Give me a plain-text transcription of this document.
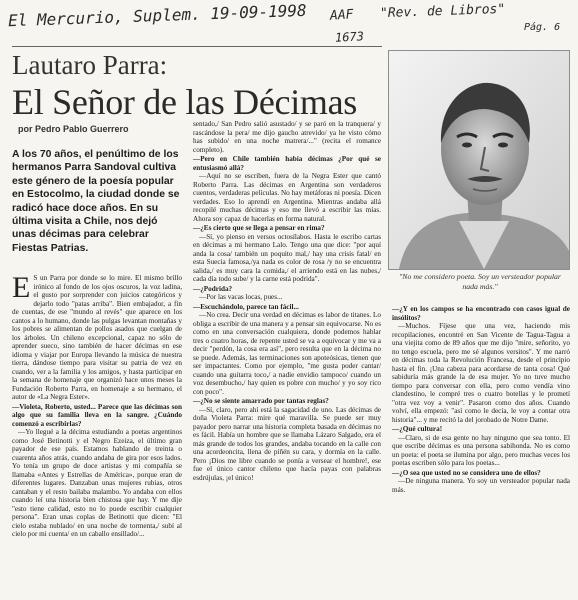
El Mercurio, Suplem. 19-09-1998 AAF
1673
"Rev. de Libros"
Pág. 6
Lautaro Parra:
El Señor de las Décimas
por Pedro Pablo Guerrero
A los 70 años, el penúltimo de los hermanos Parra Sandoval cultiva este género de la poesía popular en Estocolmo, la ciudad donde se radicó hace doce años. En su última visita a Chile, nos dejó unas décimas para celebrar Fiestas Patrias.

E S un Parra por donde se lo mire. El mismo brillo irónico al fondo de los ojos oscuros, la voz ladina, el gusto por sorprender con juicios categóricos y dejarlo todo "patas arriba". Bien embajador, a fin de cuentas, de ese "mundo al revés" que aparece en los cantos a lo humano, donde las pulgas levantan montañas y los pobres se alimentan de pollos asados que cuelgan de los árboles. Un chileno excepcional, capaz no sólo de aprender sueco, sino también de hacer décimas en ese idioma y viajar por Europa llevando la música de nuestra tierra, dándose tiempo para visitar su patria de vez en cuando, ver a la familia y los amigos, y hasta participar en la semana de homenaje que organizó hace unos meses la Fundación Roberto Parra, en homenaje a su hermano, el autor de «La Negra Ester».

—Violeta, Roberto, usted... Parece que las décimas son algo que su familia lleva en la sangre. ¿Cuándo comenzó a escribirlas?

—Yo llegué a la décima estudiando a poetas argentinos como José Betinotti y el Negro Ezeiza, el último gran payador de ese país. Estamos hablando de treinta o cuarenta años atrás, cuando andaba de gira por esos lados. Yo tenía un grupo de doce artistas y mi compañía se llamaba «Antes y Estrellas de América», porque eran de diferentes lugares. Danzaban unas mujeres rubias, otros cantaban y el resto bailaba malambo. Yo andaba con ellos cuando leí una historia bien chistosa que hay. Y me dije "esto tiene calidad, esto no lo puede escribir cualquier persona". Eran unas coplas de Betinotti que dicen: "El cielo estaba nublado/ en una noche de tormenta,/ subí al cielo por mi cuenta/ en un caballo ensillado/...

sentado,/ San Pedro salió asustado/ y se paró en la tranquera/ y rascándose la pera/ me dijo gaucho atrevido/ ya he visto cómo has subido/ en una noche matrera/..." (recita el romance completo).

—Pero en Chile también había décimas ¿Por qué se entusiasmó allá?

—Aquí no se escriben, fuera de la Negra Ester que cantó Roberto Parra. Las décimas en Argentina son verdaderos cuentos, verdaderas películas. No hay metáforas ni poesía. Dicen verdades. Eso lo aprendí en Argentina. Mientras andaba allá recopilé muchas décimas y eso me llevó a escribir las mías. Ahora soy capaz de hacerlas en forma natural.

—¿Es cierto que se llega a pensar en rima?

—Sí, yo pienso en versos octosílabos. Hasta le escribo cartas en décimas a mi hermano Lalo. Tengo una que dice: "por aquí anda la cosa/ también un poquito mal,/ hay una crisis fatal/ en esta Suecia famosa,/ya nada es color de rosa /y no se encuentra salida,/ es muy cara la comida,/ el arriendo está en las nubes,/ cada día todo sube/ y la carne está podrida".

—¿Podrida?

—Por las vacas locas, pues...

—Escuchándolo, parece tan fácil...

—No crea. Decir una verdad en décimas es labor de titanes. Lo obliga a escribir de una manera y a pensar sin equivocarse. No es como en una conversación cualquiera, donde podemos hablar tres o cuatro horas, de repente usted se va a equivocar y me va a decir "perdón, la cosa era así", pero resulta que en la décima no se puede. Además, las terminaciones son apoteósicas, tienen que ser impactantes. Como por ejemplo, "me gusta poder cantar/ cuando una guitarra toco,/ a nadie envidio tampoco/ cuando un voz desembucho,/ hay quien es pobre con mucho/ y yo soy rico con poco".

—¿No se siente amarrado por tantas reglas?

—Sí, claro, pero ahí está la sagacidad de uno. Las décimas de doña Violeta Parra: mire qué maravilla. Se puede ser muy payador pero narrar una historia completa basada en décimas no es fácil. Había un hombre que se llamaba Lázaro Salgado, era el más grande de todos los grandes, andaba tocando en la calle con una acordeoncita, llena de piñén su cara, y dormía en la calle. Pero ¡Dios me libre cuando se ponía a versear el hombre!, ese fue el único cantor chileno que hacía payas con palabras esdrújulas, ¡el único!

"No me considero poeta. Soy un versteador popular nada más."

—¿Y en los campos se ha encontrado con casos igual de insólitos?

—Muchos. Fíjese que una vez, haciendo mis recopilaciones, encontré en San Vicente de Tagua-Tagua a una viejita como de 89 años que me dijo "mire, señorito, yo no tengo escuela, pero me sé algunos versitos". Y me narró en décimas toda la Revolución Francesa, desde el principio hasta el fin. ¡Una cabeza para acordarse de tanta cosa! Qué sabiduría más grande la de esa mujer. Yo no tuve mucho tiempo para conversar con ella, pero como vendía vino clandestino, le compré tres o cuatro botellas y le prometí "otra vez voy a venir". Pasaron como dos años. Cuando volví, ella empezó: "así como le decía, le voy a contar otra historia"... y me recitó la del jorobado de Notre Dame.

—¿Qué cultura!

—Claro, si de esa gente no hay ninguno que sea tonto. El que escribe décimas es una persona sabihonda. No es como un poeta: el poeta se ilumina por algo, pero muchas veces los poetas escriben sólo para los poetas...

—¿O sea que usted no se considera uno de ellos?

—De ninguna manera. Yo soy un versteador popular nada más.
